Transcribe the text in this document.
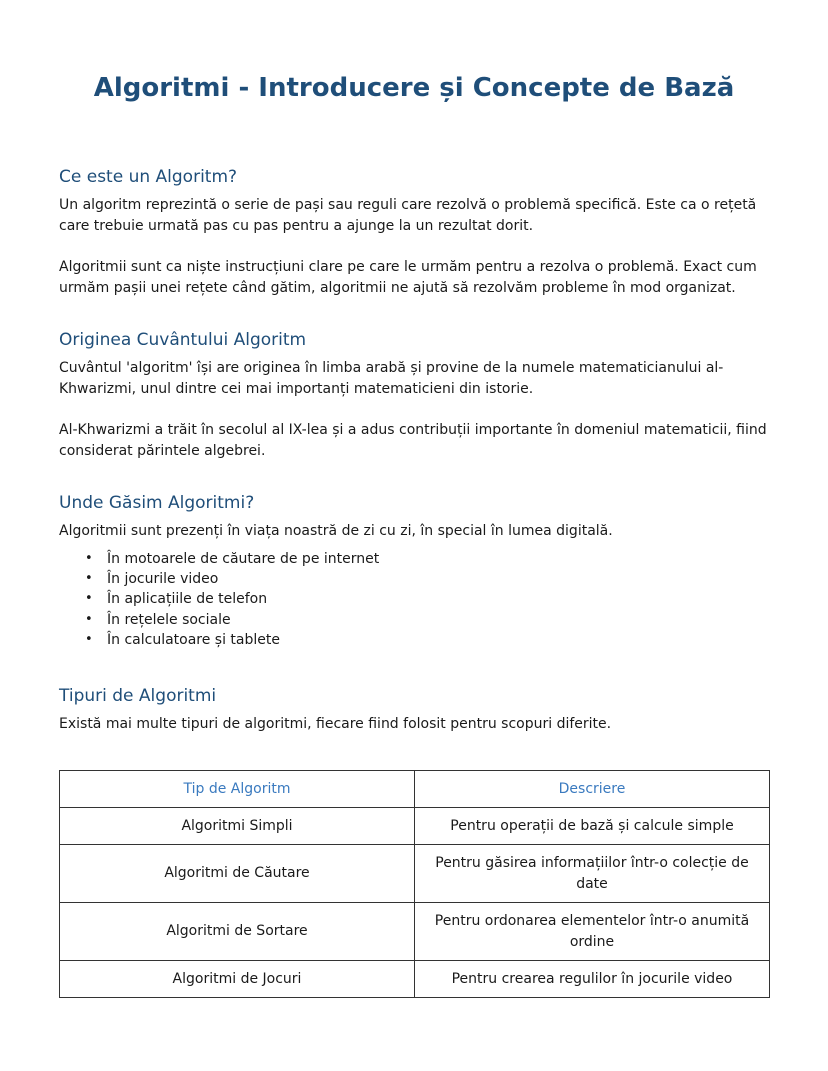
Algoritmi - Introducere și Concepte de Bază
Ce este un Algoritm?

Un algoritm reprezintă o serie de pași sau reguli care rezolvă o problemă specifică. Este ca o rețetă care trebuie urmată pas cu pas pentru a ajunge la un rezultat dorit.

Algoritmii sunt ca niște instrucțiuni clare pe care le urmăm pentru a rezolva o problemă. Exact cum urmăm pașii unei rețete când gătim, algoritmii ne ajută să rezolvăm probleme în mod organizat.

Originea Cuvântului Algoritm

Cuvântul 'algoritm' își are originea în limba arabă și provine de la numele matematicianului al-Khwarizmi, unul dintre cei mai importanți matematicieni din istorie.

Al-Khwarizmi a trăit în secolul al IX-lea și a adus contribuții importante în domeniul matematicii, fiind considerat părintele algebrei.

Unde Găsim Algoritmi?

Algoritmii sunt prezenți în viața noastră de zi cu zi, în special în lumea digitală.

• În motoarele de căutare de pe internet
• În jocurile video
• În aplicațiile de telefon
• În rețelele sociale
• În calculatoare și tablete
Tipuri de Algoritmi

Există mai multe tipuri de algoritmi, fiecare fiind folosit pentru scopuri diferite.

Tip de Algoritm	Descriere
Algoritmi Simpli	Pentru operații de bază și calcule simple
Algoritmi de Căutare	Pentru găsirea informațiilor într-o colecție de date
Algoritmi de Sortare	Pentru ordonarea elementelor într-o anumită ordine
Algoritmi de Jocuri	Pentru crearea regulilor în jocurile video
